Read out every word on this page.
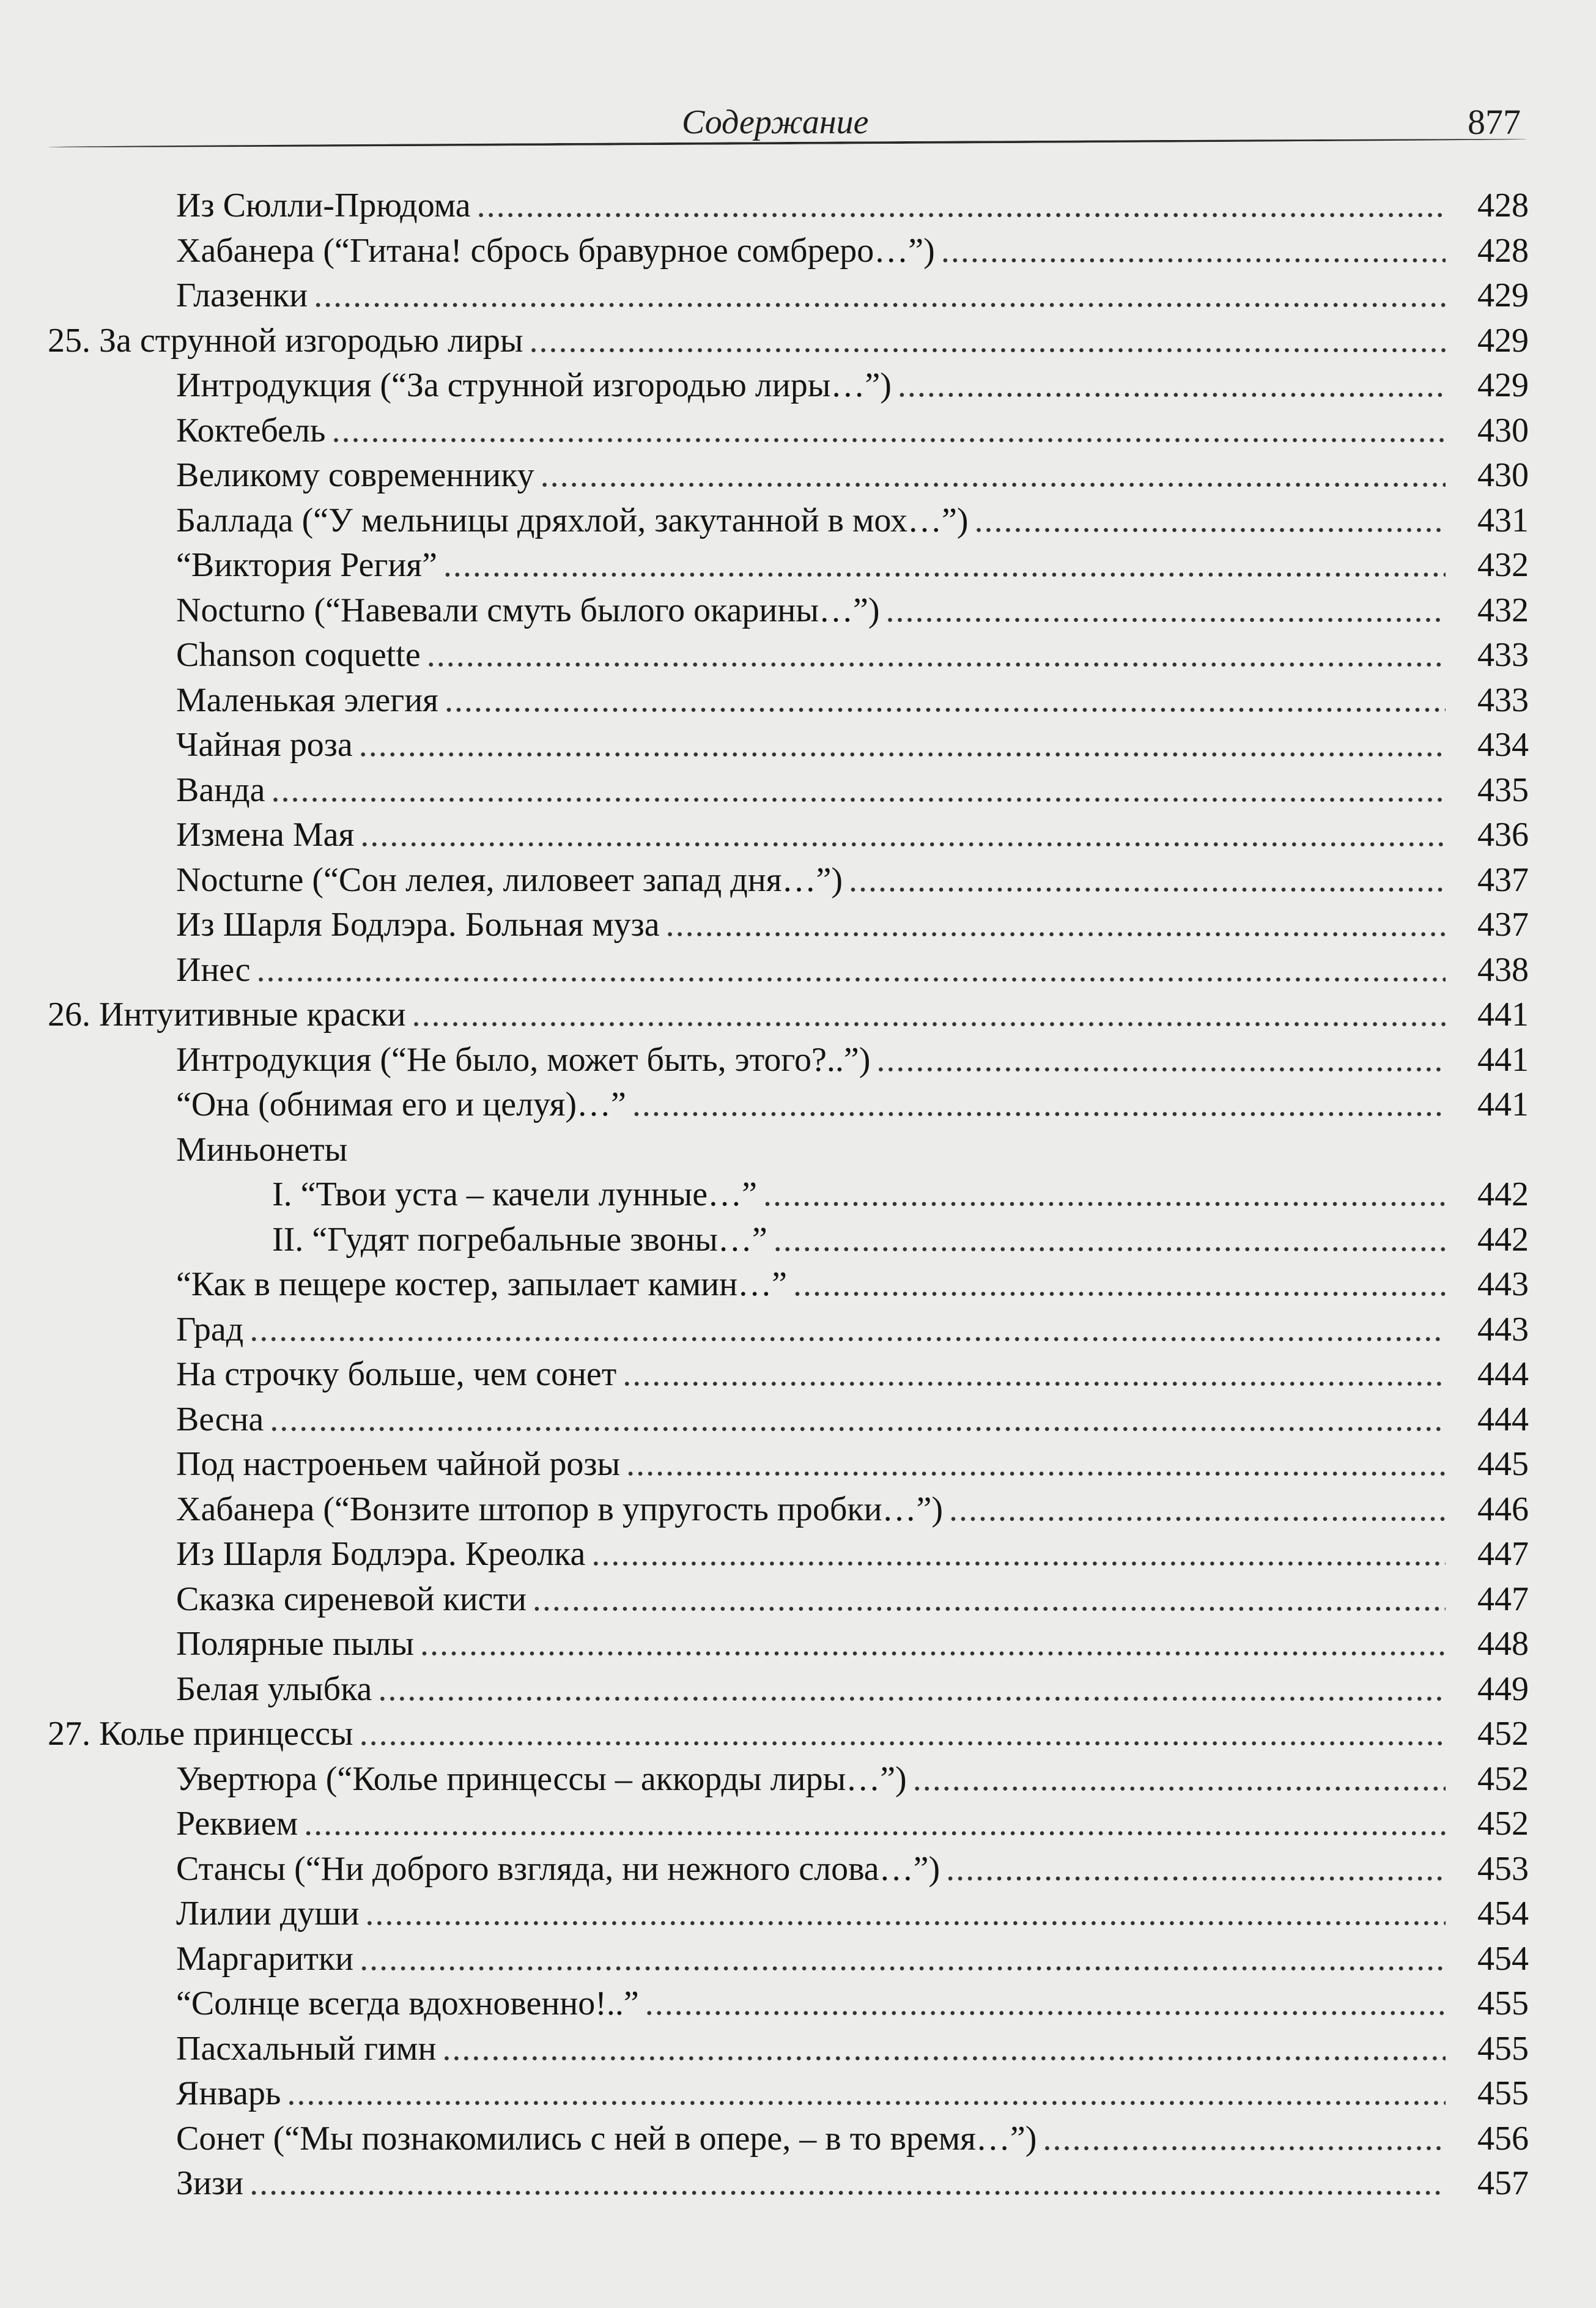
Содержание	877
Из Сюлли-Прюдома .....	428
Хабанера (“Гитана! сбрось бравурное сомбреро…”) .....	428
Глазенки .....	429
25. За струнной изгородью лиры .....	429
Интродукция (“За струнной изгородью лиры…”) .....	429
Коктебель .....	430
Великому современнику .....	430
Баллада (“У мельницы дряхлой, закутанной в мох…”) .....	431
“Виктория Регия” .....	432
Nocturno (“Навевали смуть былого окарины…”) .....	432
Chanson coquette .....	433
Маленькая элегия .....	433
Чайная роза .....	434
Ванда .....	435
Измена Мая .....	436
Nocturne (“Сон лелея, лиловеет запад дня…”) .....	437
Из Шарля Бодлэра. Больная муза .....	437
Инес .....	438
26. Интуитивные краски .....	441
Интродукция (“Не было, может быть, этого?..”) .....	441
“Она (обнимая его и целуя)…” .....	441
Миньонеты
I. “Твои уста – качели лунные…” .....	442
II. “Гудят погребальные звоны…” .....	442
“Как в пещере костер, запылает камин…” .....	443
Град .....	443
На строчку больше, чем сонет .....	444
Весна .....	444
Под настроеньем чайной розы .....	445
Хабанера (“Вонзите штопор в упругость пробки…”) .....	446
Из Шарля Бодлэра. Креолка .....	447
Сказка сиреневой кисти .....	447
Полярные пылы .....	448
Белая улыбка .....	449
27. Колье принцессы .....	452
Увертюра (“Колье принцессы – аккорды лиры…”) .....	452
Реквием .....	452
Стансы (“Ни доброго взгляда, ни нежного слова…”) .....	453
Лилии души .....	454
Маргаритки .....	454
“Солнце всегда вдохновенно!..” .....	455
Пасхальный гимн .....	455
Январь .....	455
Сонет (“Мы познакомились с ней в опере, – в то время…”) .....	456
Зизи .....	457
